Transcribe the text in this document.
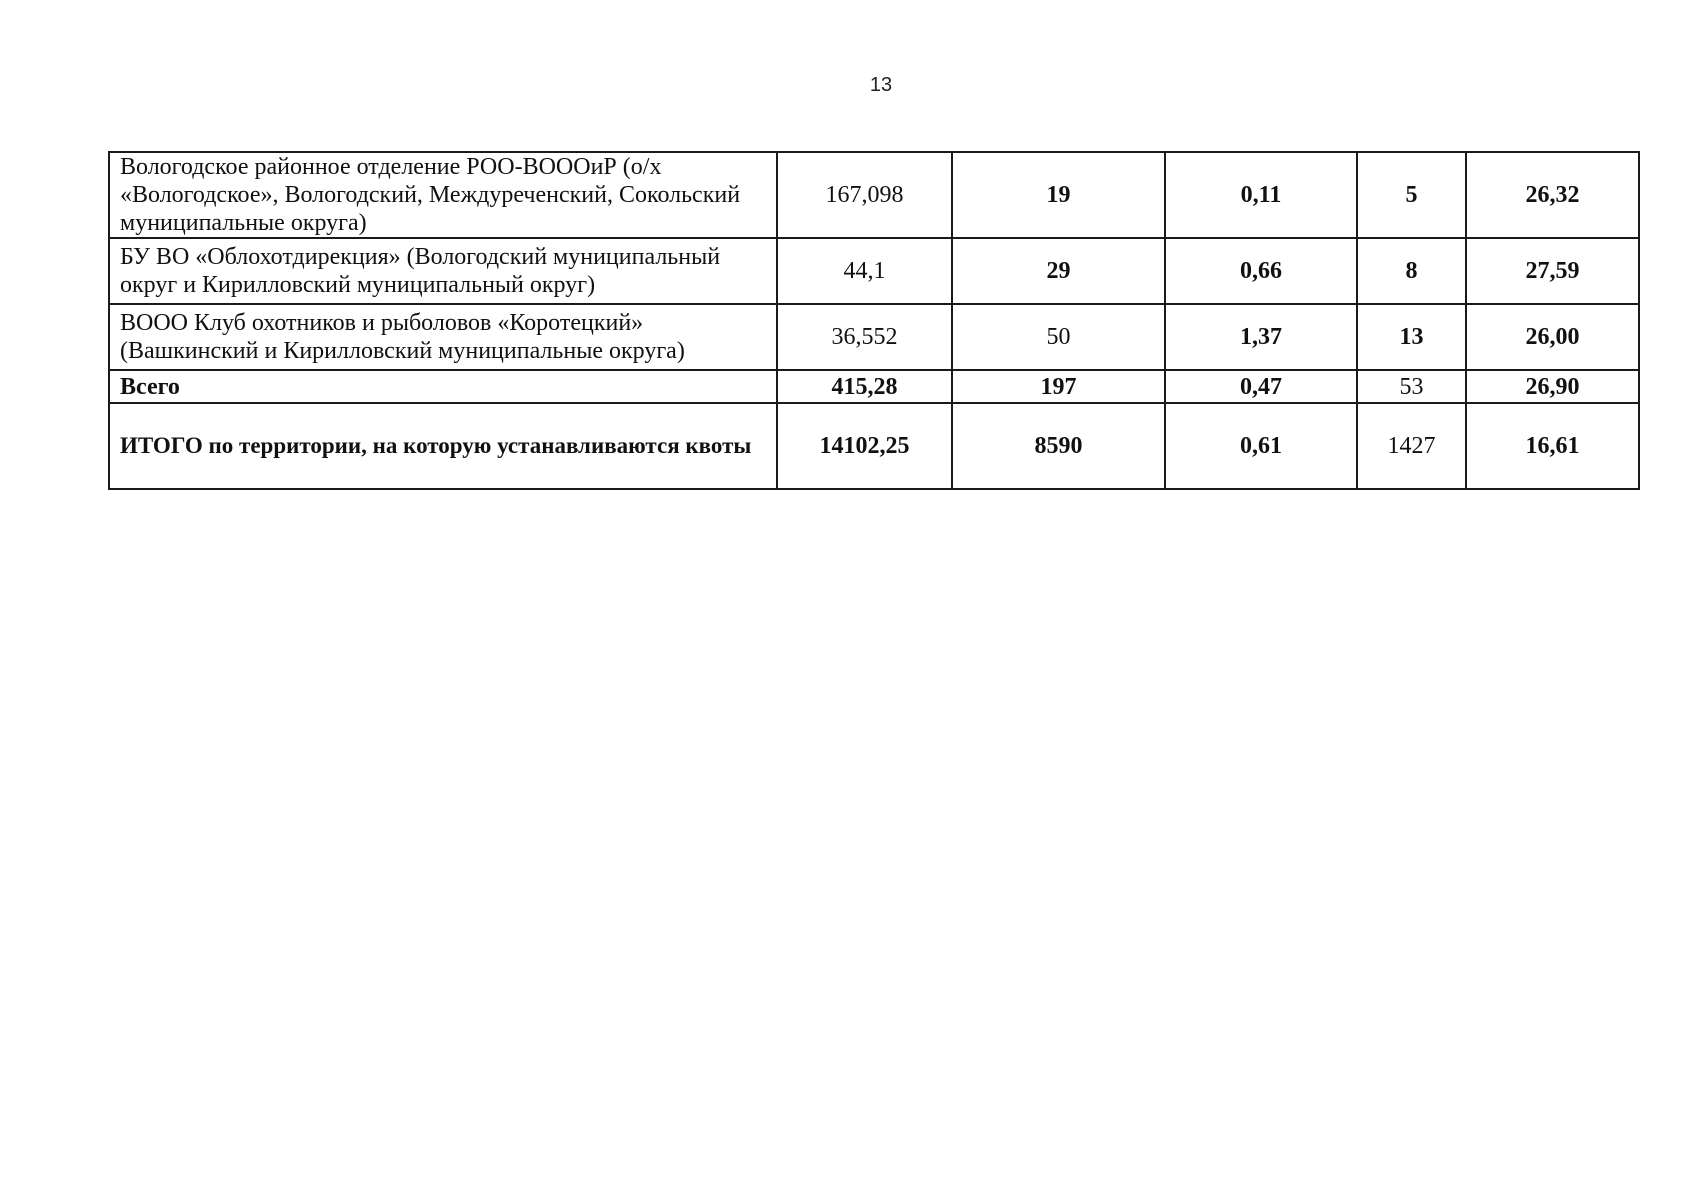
13
Вологодское районное отделение РОО-ВОООиР (о/х «Вологодское», Вологодский, Междуреченский, Сокольский муниципальные округа)	167,098	19	0,11	5	26,32
БУ ВО «Облохотдирекция» (Вологодский муниципальный округ и Кирилловский муниципальный округ)	44,1	29	0,66	8	27,59
ВООО Клуб охотников и рыболовов «Коротецкий» (Вашкинский и Кирилловский муниципальные округа)	36,552	50	1,37	13	26,00
Всего	415,28	197	0,47	53	26,90
ИТОГО по территории, на которую устанавливаются квоты	14102,25	8590	0,61	1427	16,61
